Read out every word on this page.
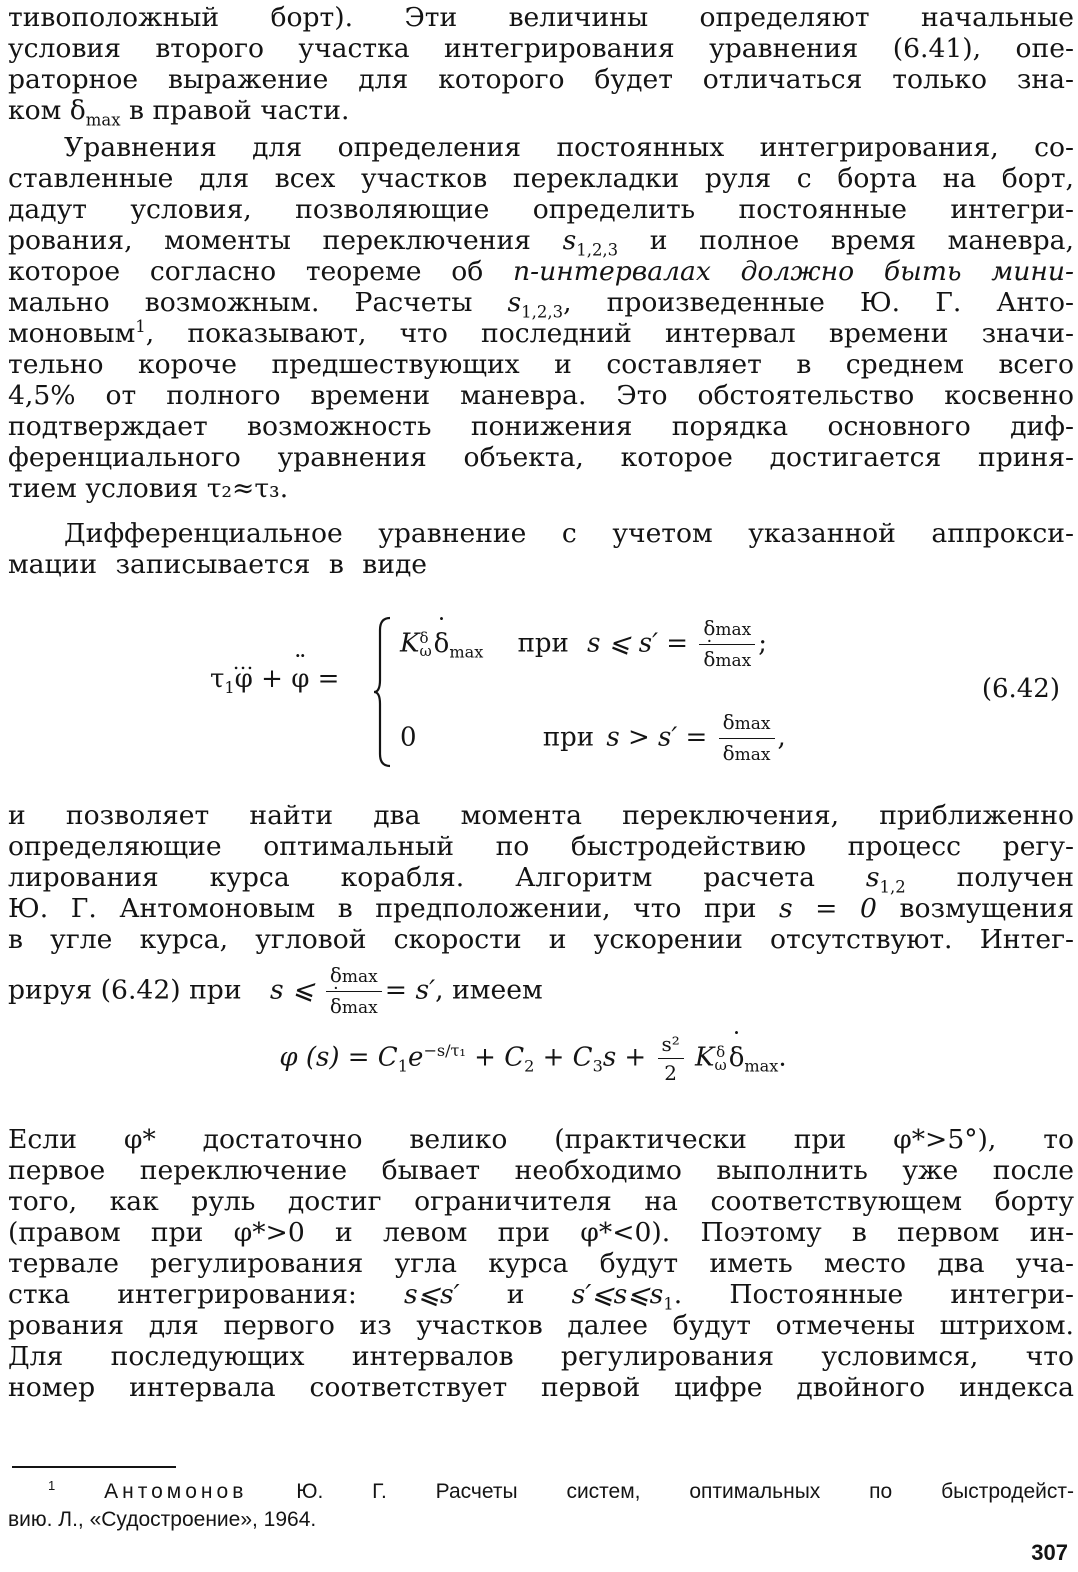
тивоположный борт). Эти величины определяют начальные
условия второго участка интегрирования уравнения (6.41), опе-
раторное выражение для которого будет отличаться только зна-
ком δ $˙_{max}$ в правой части.

Уравнения для определения постоянных интегрирования, со-

ставленные для всех участков перекладки руля с борта на борт,

дадут условия, позволяющие определить постоянные интегри-

рования, моменты переключения $s_{1,2,3}$ и полное время маневра,

которое согласно теореме об n-интервалах должно быть мини-

мально возможным. Расчеты $s_{1,2,3}$, произведенные Ю. Г. Анто-

моновым$^1$, показывают, что последний интервал времени значи-

тельно короче предшествующих и составляет в среднем всего

4,5% от полного времени маневра. Это обстоятельство косвенно

подтверждает возможность понижения порядка основного диф-

ференциального уравнения объекта, которое достигается приня-

тием условия τ₂≈τ₃.

Дифференциальное уравнение с учетом указанной аппрокси-

мации записывается в виде

$\tau_1\varphi$ … + φ ¨ =
K δ
ω δ $˙_{max}$ при s ⩽ $s' = \frac{\delta\max}{\delta ˙\max}$ ;
0	при $s > s' = \frac{\delta\max}{\delta\max}$ ,
(6.42)

и позволяет найти два момента переключения, приближенно

определяющие оптимальный по быстродействию процесс регу-

лирования курса корабля. Алгоритм расчета $s_{1,2}$ получен

Ю. Г. Антомоновым в предположении, что при s = 0 возмущения

в угле курса, угловой скорости и ускорении отсутствуют. Интег-

рируя (6.42) при s ⩽ $\frac{\delta\max}{\delta ˙\max} = s'$, имеем

φ $(s) = C_1e^{-s/\tau_1} + C_2 + C_3s + \frac{\text{s²}}{2}$ K δ
ω δ $˙_{max}$.

Если φ* достаточно велико (практически при φ*>5°), то

первое переключение бывает необходимо выполнить уже после

того, как руль достиг ограничителя на соответствующем борту

(правом при φ*>0 и левом при φ*<0). Поэтому в первом ин-

тервале регулирования угла курса будут иметь место два уча-

стка интегрирования: s⩽s′ и $s'⩽s⩽s_1$. Постоянные интегри-

рования для первого из участков далее будут отмечены штрихом.

Для последующих интервалов регулирования условимся, что

номер интервала соответствует первой цифре двойного индекса

$^1$ Антомонов Ю. Г. Расчеты систем, оптимальных по быстродейст-
вию. Л., «Судостроение», 1964.
307
